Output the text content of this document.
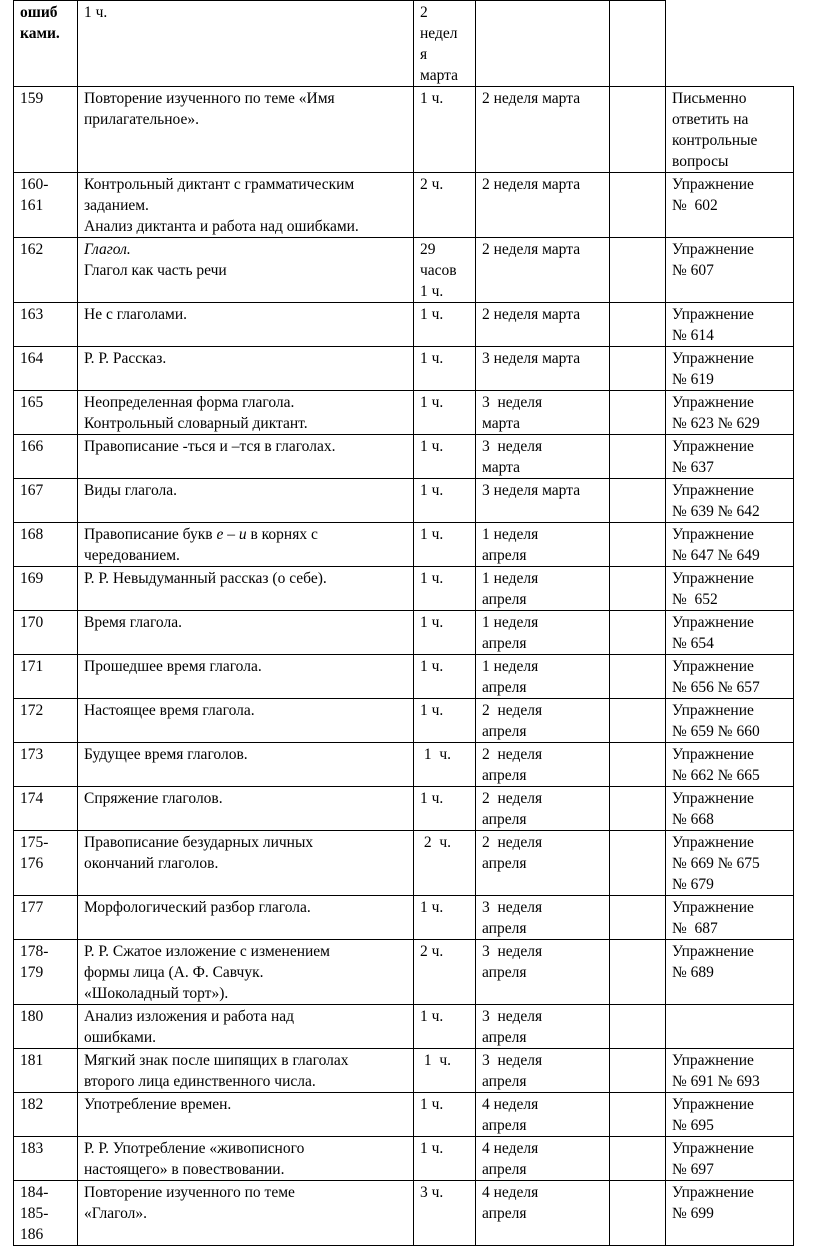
ошиб
ками.	1 ч.	2
недел
я
марта			

159	Повторение изученного по теме «Имя
прилагательное».	1 ч.	2 неделя марта		Письменно
ответить на
контрольные
вопросы

160-
161	Контрольный диктант с грамматическим
заданием.
Анализ диктанта и работа над ошибками.	2 ч.	2 неделя марта		Упражнение
№  602

162	Глагол.
Глагол как часть речи	29
часов
1 ч.	2 неделя марта		Упражнение
№ 607

163	Не с глаголами.	1 ч.	2 неделя марта		Упражнение
№ 614

164	Р. Р. Рассказ.	1 ч.	3 неделя марта		Упражнение
№ 619

165	Неопределенная форма глагола.
Контрольный словарный диктант.	1 ч.	3  неделя
марта		Упражнение
№ 623 № 629

166	Правописание -ться и –тся в глаголах.	1 ч.	3  неделя
марта		Упражнение
№ 637

167	Виды глагола.	1 ч.	3 неделя марта		Упражнение
№ 639 № 642

168	Правописание букв е – и в корнях с
чередованием.	1 ч.	1 неделя
апреля		Упражнение
№ 647 № 649

169	Р. Р. Невыдуманный рассказ (о себе).	1 ч.	1 неделя
апреля		Упражнение
№  652

170	Время глагола.	1 ч.	1 неделя
апреля		Упражнение
№ 654

171	Прошедшее время глагола.	1 ч.	1 неделя
апреля		Упражнение
№ 656 № 657

172	Настоящее время глагола.	1 ч.	2  неделя
апреля		Упражнение
№ 659 № 660

173	Будущее время глаголов.	1  ч.	2  неделя
апреля		Упражнение
№ 662 № 665

174	Спряжение глаголов.	1 ч.	2  неделя
апреля		Упражнение
№ 668

175-
176	Правописание безударных личных
окончаний глаголов.	2  ч.	2  неделя
апреля		Упражнение
№ 669 № 675
№ 679

177	Морфологический разбор глагола.	1 ч.	3  неделя
апреля		Упражнение
№  687

178-
179	Р. Р. Сжатое изложение с изменением
формы лица (А. Ф. Савчук.
«Шоколадный торт»).	2 ч.	3  неделя
апреля		Упражнение
№ 689

180	Анализ изложения и работа над
ошибками.	1 ч.	3  неделя
апреля		

181	Мягкий знак после шипящих в глаголах
второго лица единственного числа.	1  ч.	3  неделя
апреля		Упражнение
№ 691 № 693

182	Употребление времен.	1 ч.	4 неделя
апреля		Упражнение
№ 695

183	Р. Р. Употребление «живописного
настоящего» в повествовании.	1 ч.	4 неделя
апреля		Упражнение
№ 697

184-
185-
186	Повторение изученного по теме
«Глагол».	3 ч.	4 неделя
апреля		Упражнение
№ 699
